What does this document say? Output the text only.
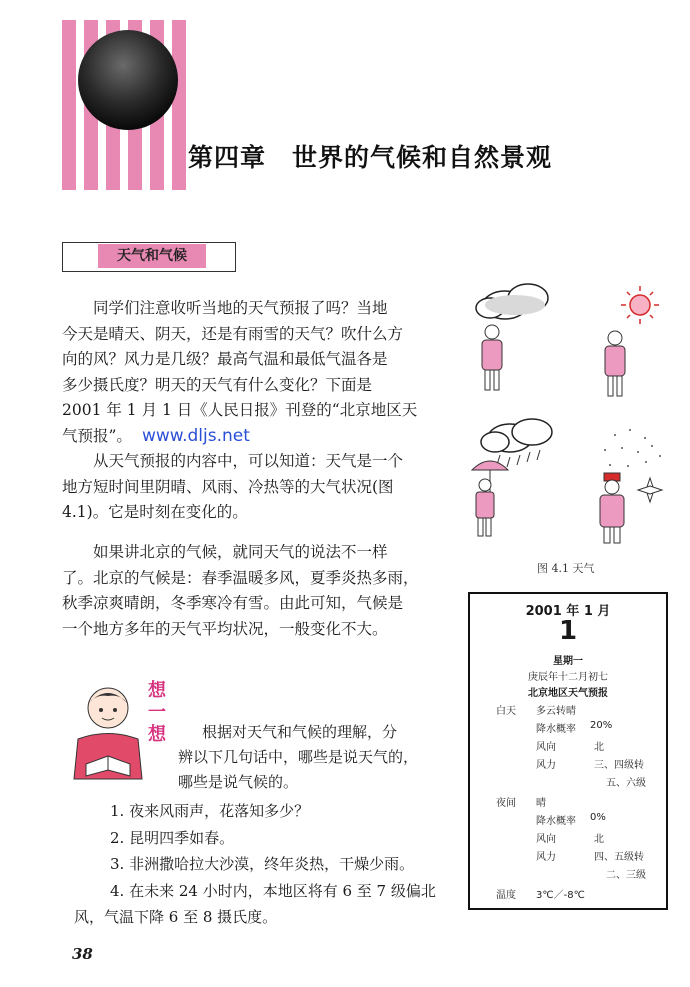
第四章 世界的气候和自然景观
天气和气候
同学们注意收听当地的天气预报了吗？当地
今天是晴天、阴天，还是有雨雪的天气？吹什么方
向的风？风力是几级？最高气温和最低气温各是
多少摄氏度？明天的天气有什么变化？下面是
2001 年 1 月 1 日《人民日报》刊登的“北京地区天
气预报”。 www.dljs.net
从天气预报的内容中，可以知道：天气是一个
地方短时间里阴晴、风雨、冷热等的大气状况(图
4.1)。它是时刻在变化的。
如果讲北京的气候，就同天气的说法不一样
了。北京的气候是：春季温暖多风，夏季炎热多雨，
秋季凉爽晴朗，冬季寒冷有雪。由此可知，气候是
一个地方多年的天气平均状况，一般变化不大。
图 4.1 天气
2001 年 1 月
1
星期一
庚辰年十二月初七
北京地区天气预报
白天 多云转晴
降水概率 20%
风向	北
风力	三、四级转
五、六级
夜间 晴
降水概率 0%
风向	北
风力	四、五级转
二、三级
温度 3℃／-8℃
想
一
想 根据对天气和气候的理解，分
辨以下几句话中，哪些是说天气的，
哪些是说气候的。
1. 夜来风雨声，花落知多少？
2. 昆明四季如春。
3. 非洲撒哈拉大沙漠，终年炎热，干燥少雨。
4. 在未来 24 小时内，本地区将有 6 至 7 级偏北
风，气温下降 6 至 8 摄氏度。
38
